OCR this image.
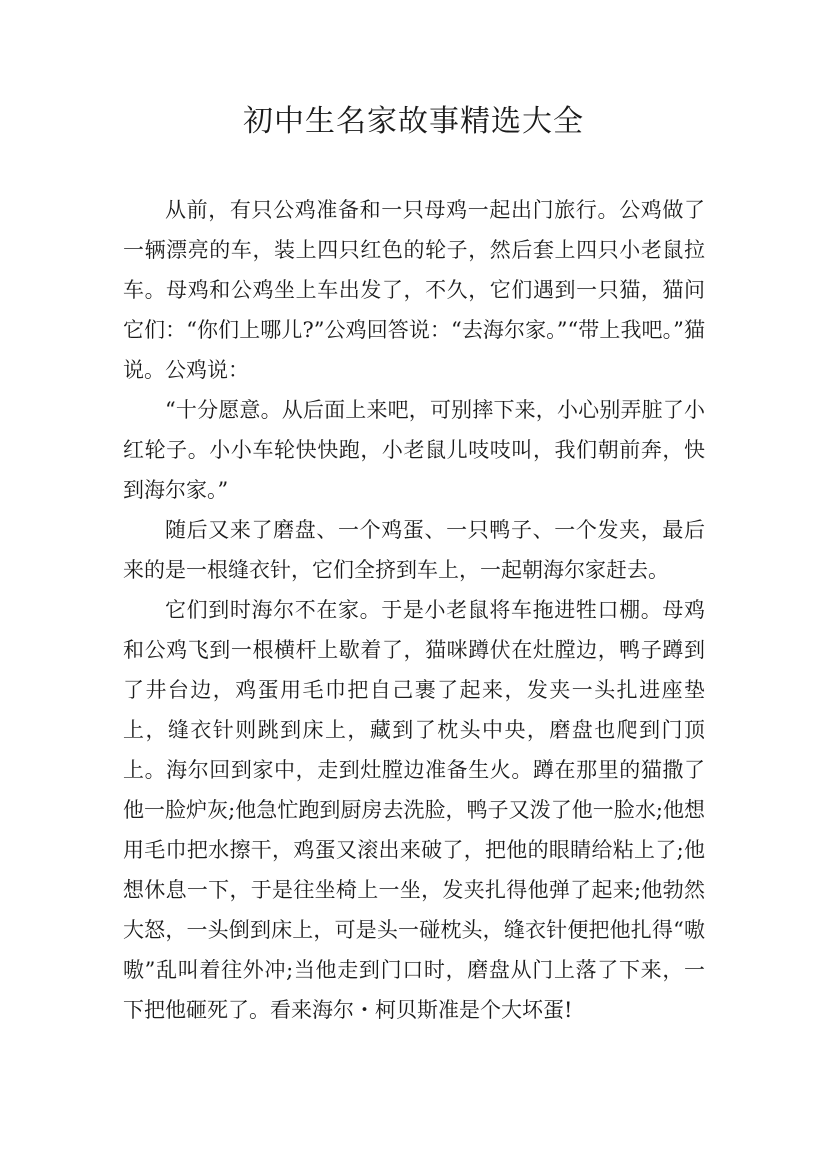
初中生名家故事精选大全

从前，有只公鸡准备和一只母鸡一起出门旅行。公鸡做了一辆漂亮的车，装上四只红色的轮子，然后套上四只小老鼠拉车。母鸡和公鸡坐上车出发了，不久，它们遇到一只猫，猫问它们：“你们上哪儿?”公鸡回答说：“去海尔家。”“带上我吧。”猫说。公鸡说：

“十分愿意。从后面上来吧，可别摔下来，小心别弄脏了小红轮子。小小车轮快快跑，小老鼠儿吱吱叫，我们朝前奔，快到海尔家。”

随后又来了磨盘、一个鸡蛋、一只鸭子、一个发夹，最后来的是一根缝衣针，它们全挤到车上，一起朝海尔家赶去。

它们到时海尔不在家。于是小老鼠将车拖进牲口棚。母鸡和公鸡飞到一根横杆上歇着了，猫咪蹲伏在灶膛边，鸭子蹲到了井台边，鸡蛋用毛巾把自己裹了起来，发夹一头扎进座垫上，缝衣针则跳到床上，藏到了枕头中央，磨盘也爬到门顶上。海尔回到家中，走到灶膛边准备生火。蹲在那里的猫撒了他一脸炉灰;他急忙跑到厨房去洗脸，鸭子又泼了他一脸水;他想用毛巾把水擦干，鸡蛋又滚出来破了，把他的眼睛给粘上了;他想休息一下，于是往坐椅上一坐，发夹扎得他弹了起来;他勃然大怒，一头倒到床上，可是头一碰枕头，缝衣针便把他扎得“嗷嗷”乱叫着往外冲;当他走到门口时，磨盘从门上落了下来，一下把他砸死了。看来海尔・柯贝斯准是个大坏蛋!
